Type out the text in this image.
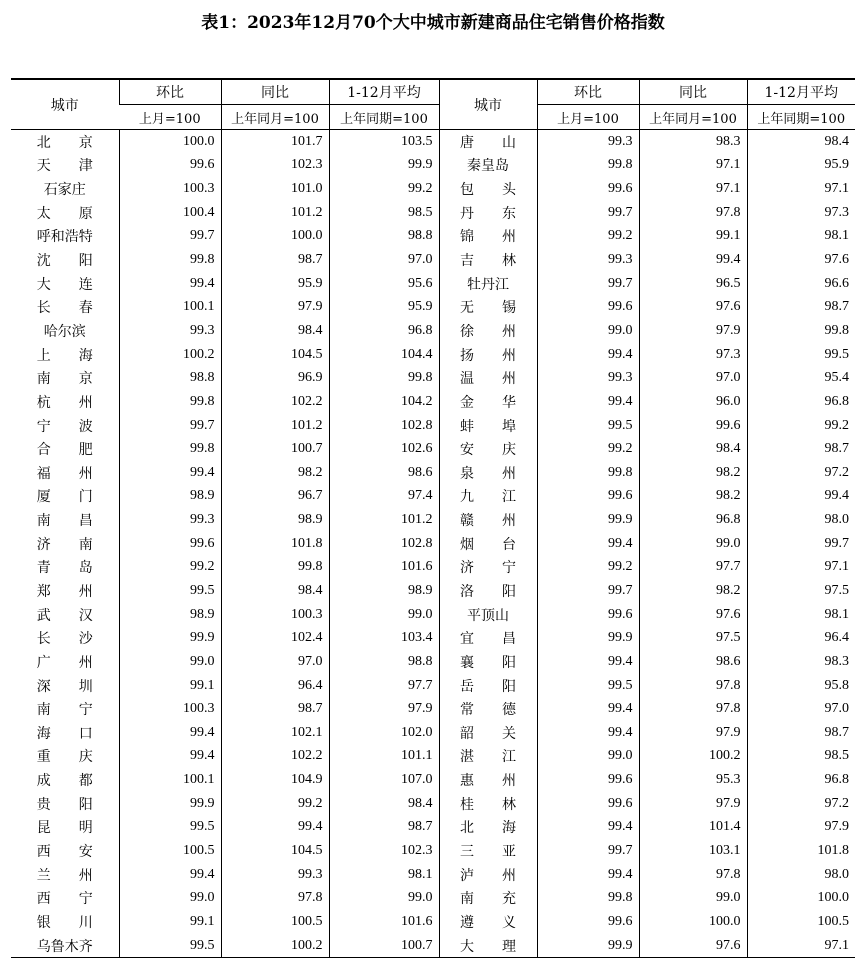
表1：2023年12月70个大中城市新建商品住宅销售价格指数
城市	环比	同比	1-12月平均	城市	环比	同比	1-12月平均
	上月=100	上年同月=100	上年同期=100		上月=100	上年同月=100	上年同期=100
北　　京	100.0	101.7	103.5	唐　　山	99.3	98.3	98.4
天　　津	99.6	102.3	99.9	秦皇岛	99.8	97.1	95.9
石家庄	100.3	101.0	99.2	包　　头	99.6	97.1	97.1
太　　原	100.4	101.2	98.5	丹　　东	99.7	97.8	97.3
呼和浩特	99.7	100.0	98.8	锦　　州	99.2	99.1	98.1
沈　　阳	99.8	98.7	97.0	吉　　林	99.3	99.4	97.6
大　　连	99.4	95.9	95.6	牡丹江	99.7	96.5	96.6
长　　春	100.1	97.9	95.9	无　　锡	99.6	97.6	98.7
哈尔滨	99.3	98.4	96.8	徐　　州	99.0	97.9	99.8
上　　海	100.2	104.5	104.4	扬　　州	99.4	97.3	99.5
南　　京	98.8	96.9	99.8	温　　州	99.3	97.0	95.4
杭　　州	99.8	102.2	104.2	金　　华	99.4	96.0	96.8
宁　　波	99.7	101.2	102.8	蚌　　埠	99.5	99.6	99.2
合　　肥	99.8	100.7	102.6	安　　庆	99.2	98.4	98.7
福　　州	99.4	98.2	98.6	泉　　州	99.8	98.2	97.2
厦　　门	98.9	96.7	97.4	九　　江	99.6	98.2	99.4
南　　昌	99.3	98.9	101.2	赣　　州	99.9	96.8	98.0
济　　南	99.6	101.8	102.8	烟　　台	99.4	99.0	99.7
青　　岛	99.2	99.8	101.6	济　　宁	99.2	97.7	97.1
郑　　州	99.5	98.4	98.9	洛　　阳	99.7	98.2	97.5
武　　汉	98.9	100.3	99.0	平顶山	99.6	97.6	98.1
长　　沙	99.9	102.4	103.4	宜　　昌	99.9	97.5	96.4
广　　州	99.0	97.0	98.8	襄　　阳	99.4	98.6	98.3
深　　圳	99.1	96.4	97.7	岳　　阳	99.5	97.8	95.8
南　　宁	100.3	98.7	97.9	常　　德	99.4	97.8	97.0
海　　口	99.4	102.1	102.0	韶　　关	99.4	97.9	98.7
重　　庆	99.4	102.2	101.1	湛　　江	99.0	100.2	98.5
成　　都	100.1	104.9	107.0	惠　　州	99.6	95.3	96.8
贵　　阳	99.9	99.2	98.4	桂　　林	99.6	97.9	97.2
昆　　明	99.5	99.4	98.7	北　　海	99.4	101.4	97.9
西　　安	100.5	104.5	102.3	三　　亚	99.7	103.1	101.8
兰　　州	99.4	99.3	98.1	泸　　州	99.4	97.8	98.0
西　　宁	99.0	97.8	99.0	南　　充	99.8	99.0	100.0
银　　川	99.1	100.5	101.6	遵　　义	99.6	100.0	100.5
乌鲁木齐	99.5	100.2	100.7	大　　理	99.9	97.6	97.1
